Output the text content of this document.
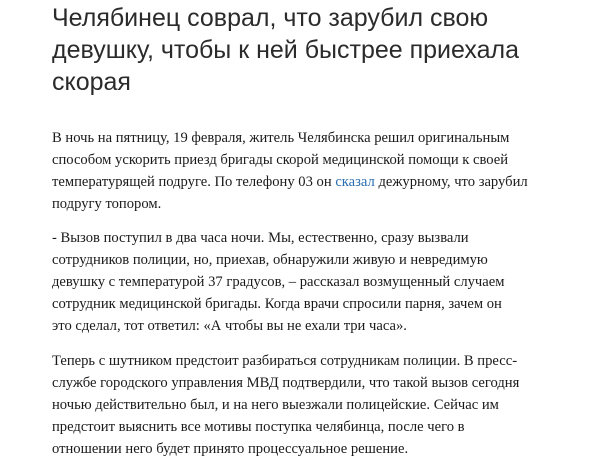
Челябинец соврал, что зарубил свою
девушку, чтобы к ней быстрее приехала
скорая

В ночь на пятницу, 19 февраля, житель Челябинска решил оригинальным
способом ускорить приезд бригады скорой медицинской помощи к своей
температурящей подруге. По телефону 03 он сказал дежурному, что зарубил
подругу топором.

- Вызов поступил в два часа ночи. Мы, естественно, сразу вызвали
сотрудников полиции, но, приехав, обнаружили живую и невредимую
девушку с температурой 37 градусов, – рассказал возмущенный случаем
сотрудник медицинской бригады. Когда врачи спросили парня, зачем он
это сделал, тот ответил: «А чтобы вы не ехали три часа».

Теперь с шутником предстоит разбираться сотрудникам полиции. В пресс-
службе городского управления МВД подтвердили, что такой вызов сегодня
ночью действительно был, и на него выезжали полицейские. Сейчас им
предстоит выяснить все мотивы поступка челябинца, после чего в
отношении него будет принято процессуальное решение.
